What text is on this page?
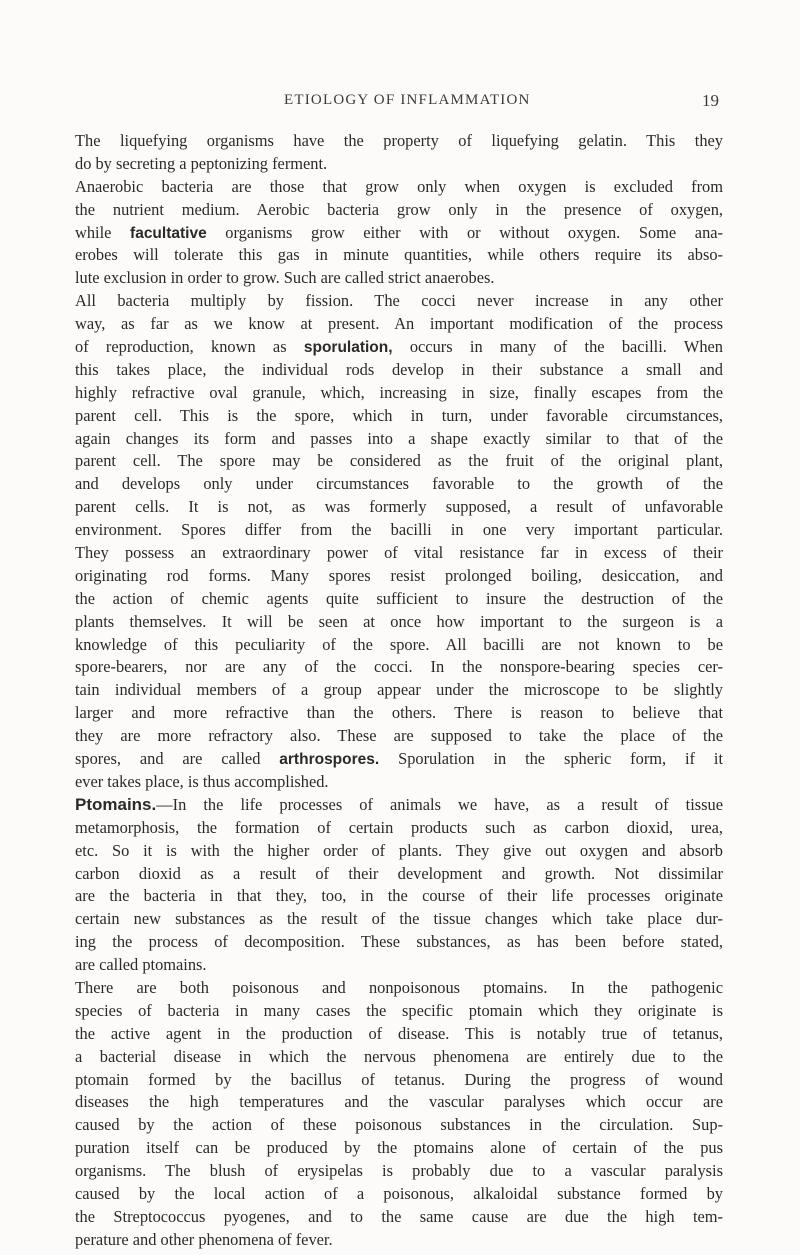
ETIOLOGY OF INFLAMMATION	19
The liquefying organisms have the property of liquefying gelatin. This they
do by secreting a peptonizing ferment.
Anaerobic bacteria are those that grow only when oxygen is excluded from
the nutrient medium. Aerobic bacteria grow only in the presence of oxygen,
while facultative organisms grow either with or without oxygen. Some ana-
erobes will tolerate this gas in minute quantities, while others require its abso-
lute exclusion in order to grow. Such are called strict anaerobes.
All bacteria multiply by fission. The cocci never increase in any other
way, as far as we know at present. An important modification of the process
of reproduction, known as sporulation, occurs in many of the bacilli. When
this takes place, the individual rods develop in their substance a small and
highly refractive oval granule, which, increasing in size, finally escapes from the
parent cell. This is the spore, which in turn, under favorable circumstances,
again changes its form and passes into a shape exactly similar to that of the
parent cell. The spore may be considered as the fruit of the original plant,
and develops only under circumstances favorable to the growth of the
parent cells. It is not, as was formerly supposed, a result of unfavorable
environment. Spores differ from the bacilli in one very important particular.
They possess an extraordinary power of vital resistance far in excess of their
originating rod forms. Many spores resist prolonged boiling, desiccation, and
the action of chemic agents quite sufficient to insure the destruction of the
plants themselves. It will be seen at once how important to the surgeon is a
knowledge of this peculiarity of the spore. All bacilli are not known to be
spore-bearers, nor are any of the cocci. In the nonspore-bearing species cer-
tain individual members of a group appear under the microscope to be slightly
larger and more refractive than the others. There is reason to believe that
they are more refractory also. These are supposed to take the place of the
spores, and are called arthrospores. Sporulation in the spheric form, if it
ever takes place, is thus accomplished.
Ptomains.—In the life processes of animals we have, as a result of tissue
metamorphosis, the formation of certain products such as carbon dioxid, urea,
etc. So it is with the higher order of plants. They give out oxygen and absorb
carbon dioxid as a result of their development and growth. Not dissimilar
are the bacteria in that they, too, in the course of their life processes originate
certain new substances as the result of the tissue changes which take place dur-
ing the process of decomposition. These substances, as has been before stated,
are called ptomains.
There are both poisonous and nonpoisonous ptomains. In the pathogenic
species of bacteria in many cases the specific ptomain which they originate is
the active agent in the production of disease. This is notably true of tetanus,
a bacterial disease in which the nervous phenomena are entirely due to the
ptomain formed by the bacillus of tetanus. During the progress of wound
diseases the high temperatures and the vascular paralyses which occur are
caused by the action of these poisonous substances in the circulation. Sup-
puration itself can be produced by the ptomains alone of certain of the pus
organisms. The blush of erysipelas is probably due to a vascular paralysis
caused by the local action of a poisonous, alkaloidal substance formed by
the Streptococcus pyogenes, and to the same cause are due the high tem-
perature and other phenomena of fever.
